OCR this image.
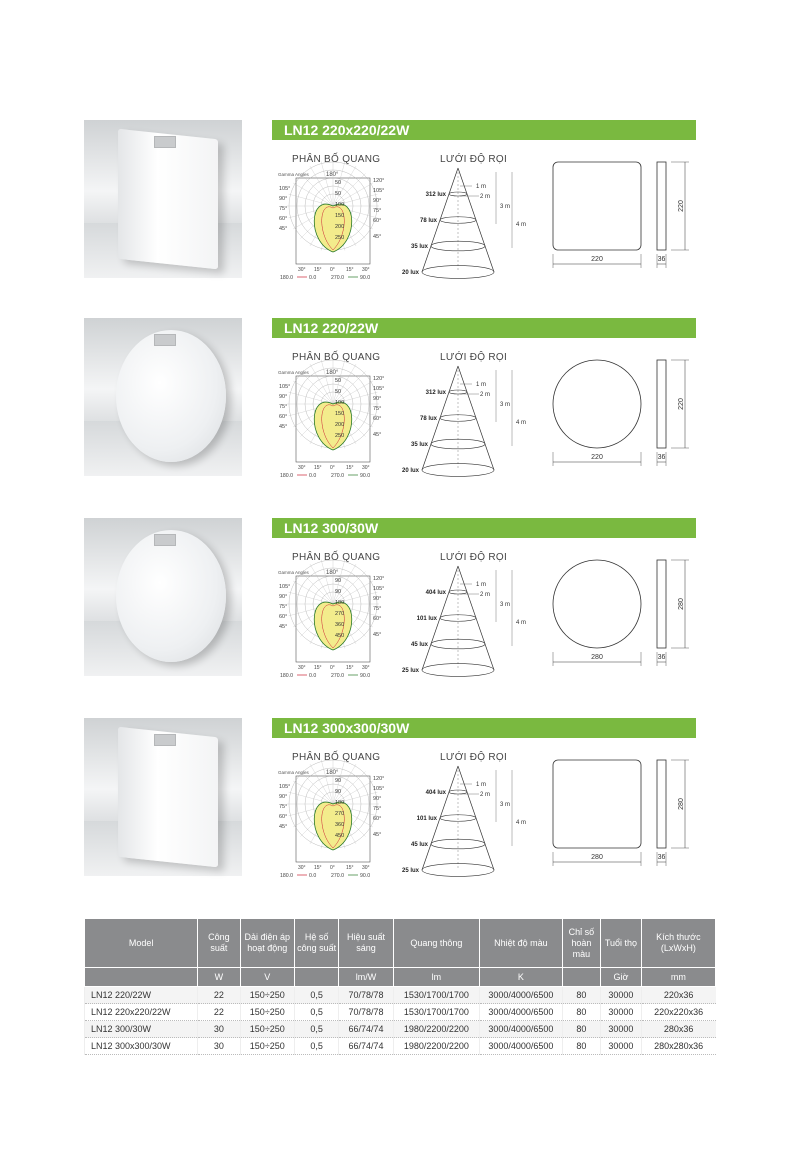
LN12 220x220/22W
PHÂN BỐ QUANG	LƯỚI ĐỘ RỌI
Gamma Angles	180°
105°
90°
75°
60°
45°
120°
105°
90°
75°
60°
45°
50
50
100
150
200
250
30° 15° 0° 15° 30°
180.0	0.0	270.0	90.0
312 lux
78 lux
35 lux
20 lux
1 m
2 m
3 m
4 m
220	36
220
LN12 220/22W
PHÂN BỐ QUANG	LƯỚI ĐỘ RỌI
Gamma Angles	180°
105°
90°
75°
60°
45°
120°
105°
90°
75°
60°
45°
50
50
100
150
200
250
30° 15° 0° 15° 30°
180.0	0.0	270.0	90.0
312 lux
78 lux
35 lux
20 lux
1 m
2 m
3 m
4 m
220	36
220
LN12 300/30W
PHÂN BỐ QUANG	LƯỚI ĐỘ RỌI
Gamma Angles	180°
105°
90°
75°
60°
45°
120°
105°
90°
75°
60°
45°
90
90
180
270
360
450
30° 15° 0° 15° 30°
180.0	0.0	270.0	90.0
404 lux
101 lux
45 lux
25 lux
1 m
2 m
3 m
4 m
280	36
280
LN12 300x300/30W
PHÂN BỐ QUANG	LƯỚI ĐỘ RỌI
Gamma Angles	180°
105°
90°
75°
60°
45°
120°
105°
90°
75°
60°
45°
90
90
180
270
360
450
30° 15° 0° 15° 30°
180.0	0.0	270.0	90.0
404 lux
101 lux
45 lux
25 lux
1 m
2 m
3 m
4 m
280	36
280
Model	Công suất	Dải điện áp hoạt động	Hệ số công suất	Hiệu suất sáng	Quang thông	Nhiệt độ màu	Chỉ số hoàn màu	Tuổi thọ	Kích thước (LxWxH)
	W	V		lm/W	lm	K		Giờ	mm
LN12 220/22W	22	150÷250	0,5	70/78/78	1530/1700/1700	3000/4000/6500	80	30000	220x36
LN12 220x220/22W	22	150÷250	0,5	70/78/78	1530/1700/1700	3000/4000/6500	80	30000	220x220x36
LN12 300/30W	30	150÷250	0,5	66/74/74	1980/2200/2200	3000/4000/6500	80	30000	280x36
LN12 300x300/30W	30	150÷250	0,5	66/74/74	1980/2200/2200	3000/4000/6500	80	30000	280x280x36
